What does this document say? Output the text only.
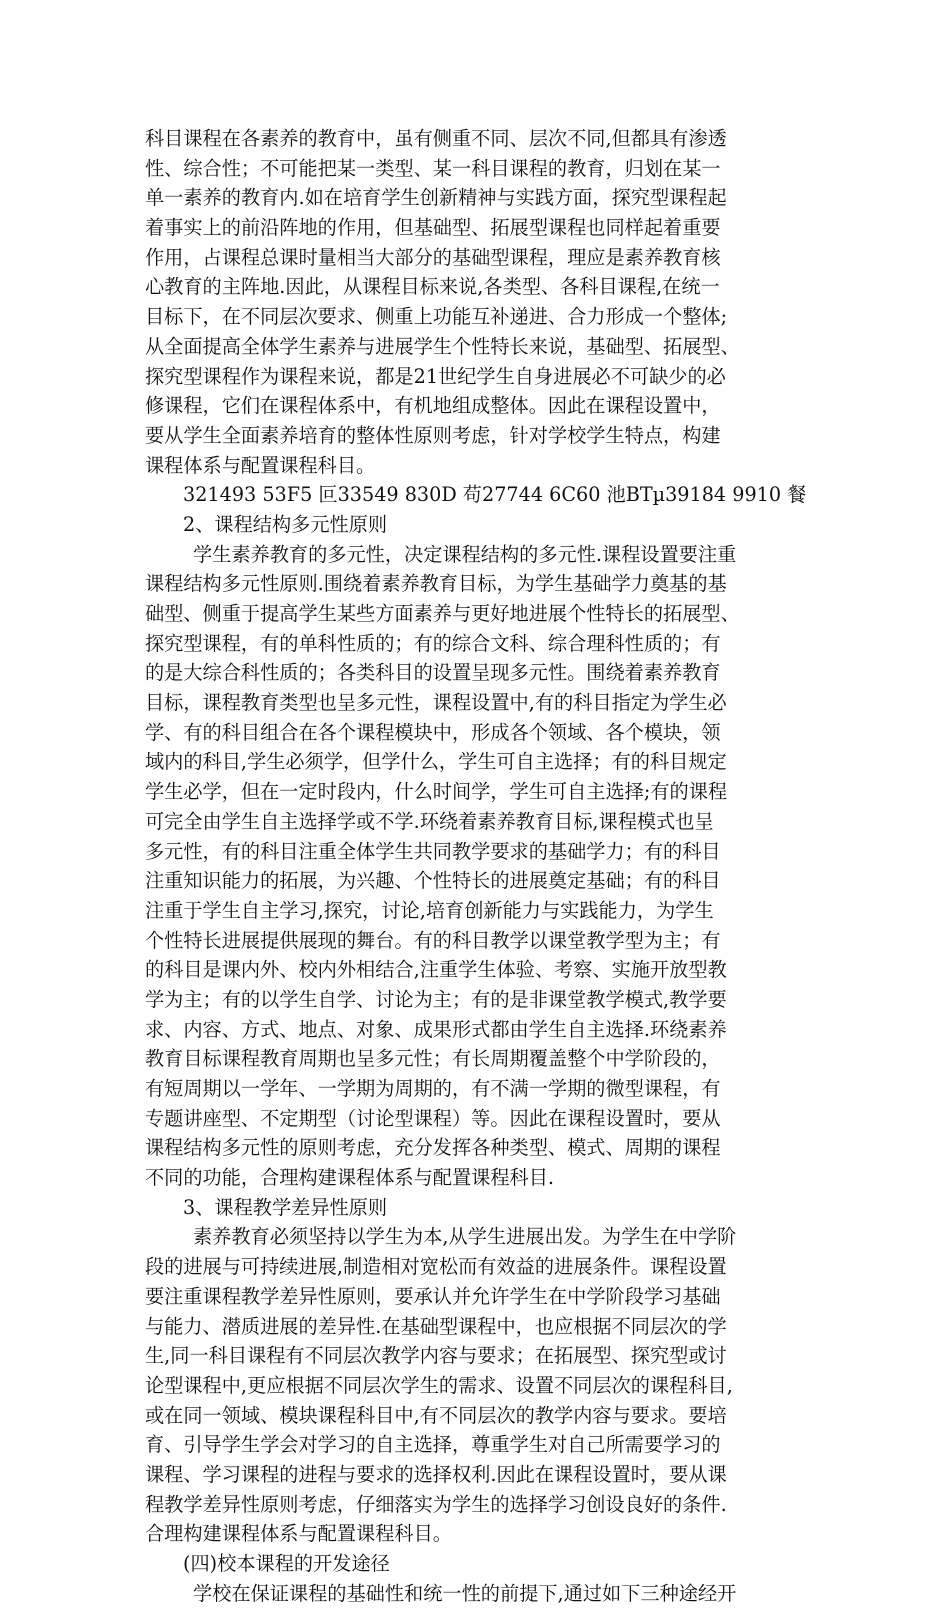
科目课程在各素养的教育中，虽有侧重不同、层次不同,但都具有渗透
性、综合性；不可能把某一类型、某一科目课程的教育，归划在某一
单一素养的教育内.如在培育学生创新精神与实践方面，探究型课程起
着事实上的前沿阵地的作用，但基础型、拓展型课程也同样起着重要
作用，占课程总课时量相当大部分的基础型课程，理应是素养教育核
心教育的主阵地.因此，从课程目标来说,各类型、各科目课程,在统一
目标下，在不同层次要求、侧重上功能互补递进、合力形成一个整体;
从全面提高全体学生素养与进展学生个性特长来说，基础型、拓展型、
探究型课程作为课程来说，都是21世纪学生自身进展必不可缺少的必
修课程，它们在课程体系中，有机地组成整体。因此在课程设置中，
要从学生全面素养培育的整体性原则考虑，针对学校学生特点，构建
课程体系与配置课程科目。
321493 53F5 叵33549 830D 苟27744 6C60 池BTµ39184 9910 餐
2、课程结构多元性原则
学生素养教育的多元性，决定课程结构的多元性.课程设置要注重
课程结构多元性原则.围绕着素养教育目标，为学生基础学力奠基的基
础型、侧重于提高学生某些方面素养与更好地进展个性特长的拓展型、
探究型课程，有的单科性质的；有的综合文科、综合理科性质的；有
的是大综合科性质的；各类科目的设置呈现多元性。围绕着素养教育
目标，课程教育类型也呈多元性，课程设置中,有的科目指定为学生必
学、有的科目组合在各个课程模块中，形成各个领域、各个模块，领
域内的科目,学生必须学，但学什么，学生可自主选择；有的科目规定
学生必学，但在一定时段内，什么时间学，学生可自主选择;有的课程
可完全由学生自主选择学或不学.环绕着素养教育目标,课程模式也呈
多元性，有的科目注重全体学生共同教学要求的基础学力；有的科目
注重知识能力的拓展，为兴趣、个性特长的进展奠定基础；有的科目
注重于学生自主学习,探究，讨论,培育创新能力与实践能力，为学生
个性特长进展提供展现的舞台。有的科目教学以课堂教学型为主；有
的科目是课内外、校内外相结合,注重学生体验、考察、实施开放型教
学为主；有的以学生自学、讨论为主；有的是非课堂教学模式,教学要
求、内容、方式、地点、对象、成果形式都由学生自主选择.环绕素养
教育目标课程教育周期也呈多元性；有长周期覆盖整个中学阶段的，
有短周期以一学年、一学期为周期的，有不满一学期的微型课程，有
专题讲座型、不定期型（讨论型课程）等。因此在课程设置时，要从
课程结构多元性的原则考虑，充分发挥各种类型、模式、周期的课程
不同的功能，合理构建课程体系与配置课程科目.
3、课程教学差异性原则
素养教育必须坚持以学生为本,从学生进展出发。为学生在中学阶
段的进展与可持续进展,制造相对宽松而有效益的进展条件。课程设置
要注重课程教学差异性原则，要承认并允许学生在中学阶段学习基础
与能力、潜质进展的差异性.在基础型课程中，也应根据不同层次的学
生,同一科目课程有不同层次教学内容与要求；在拓展型、探究型或讨
论型课程中,更应根据不同层次学生的需求、设置不同层次的课程科目,
或在同一领域、模块课程科目中,有不同层次的教学内容与要求。要培
育、引导学生学会对学习的自主选择，尊重学生对自己所需要学习的
课程、学习课程的进程与要求的选择权利.因此在课程设置时，要从课
程教学差异性原则考虑，仔细落实为学生的选择学习创设良好的条件.
合理构建课程体系与配置课程科目。
(四)校本课程的开发途径
学校在保证课程的基础性和统一性的前提下,通过如下三种途经开
